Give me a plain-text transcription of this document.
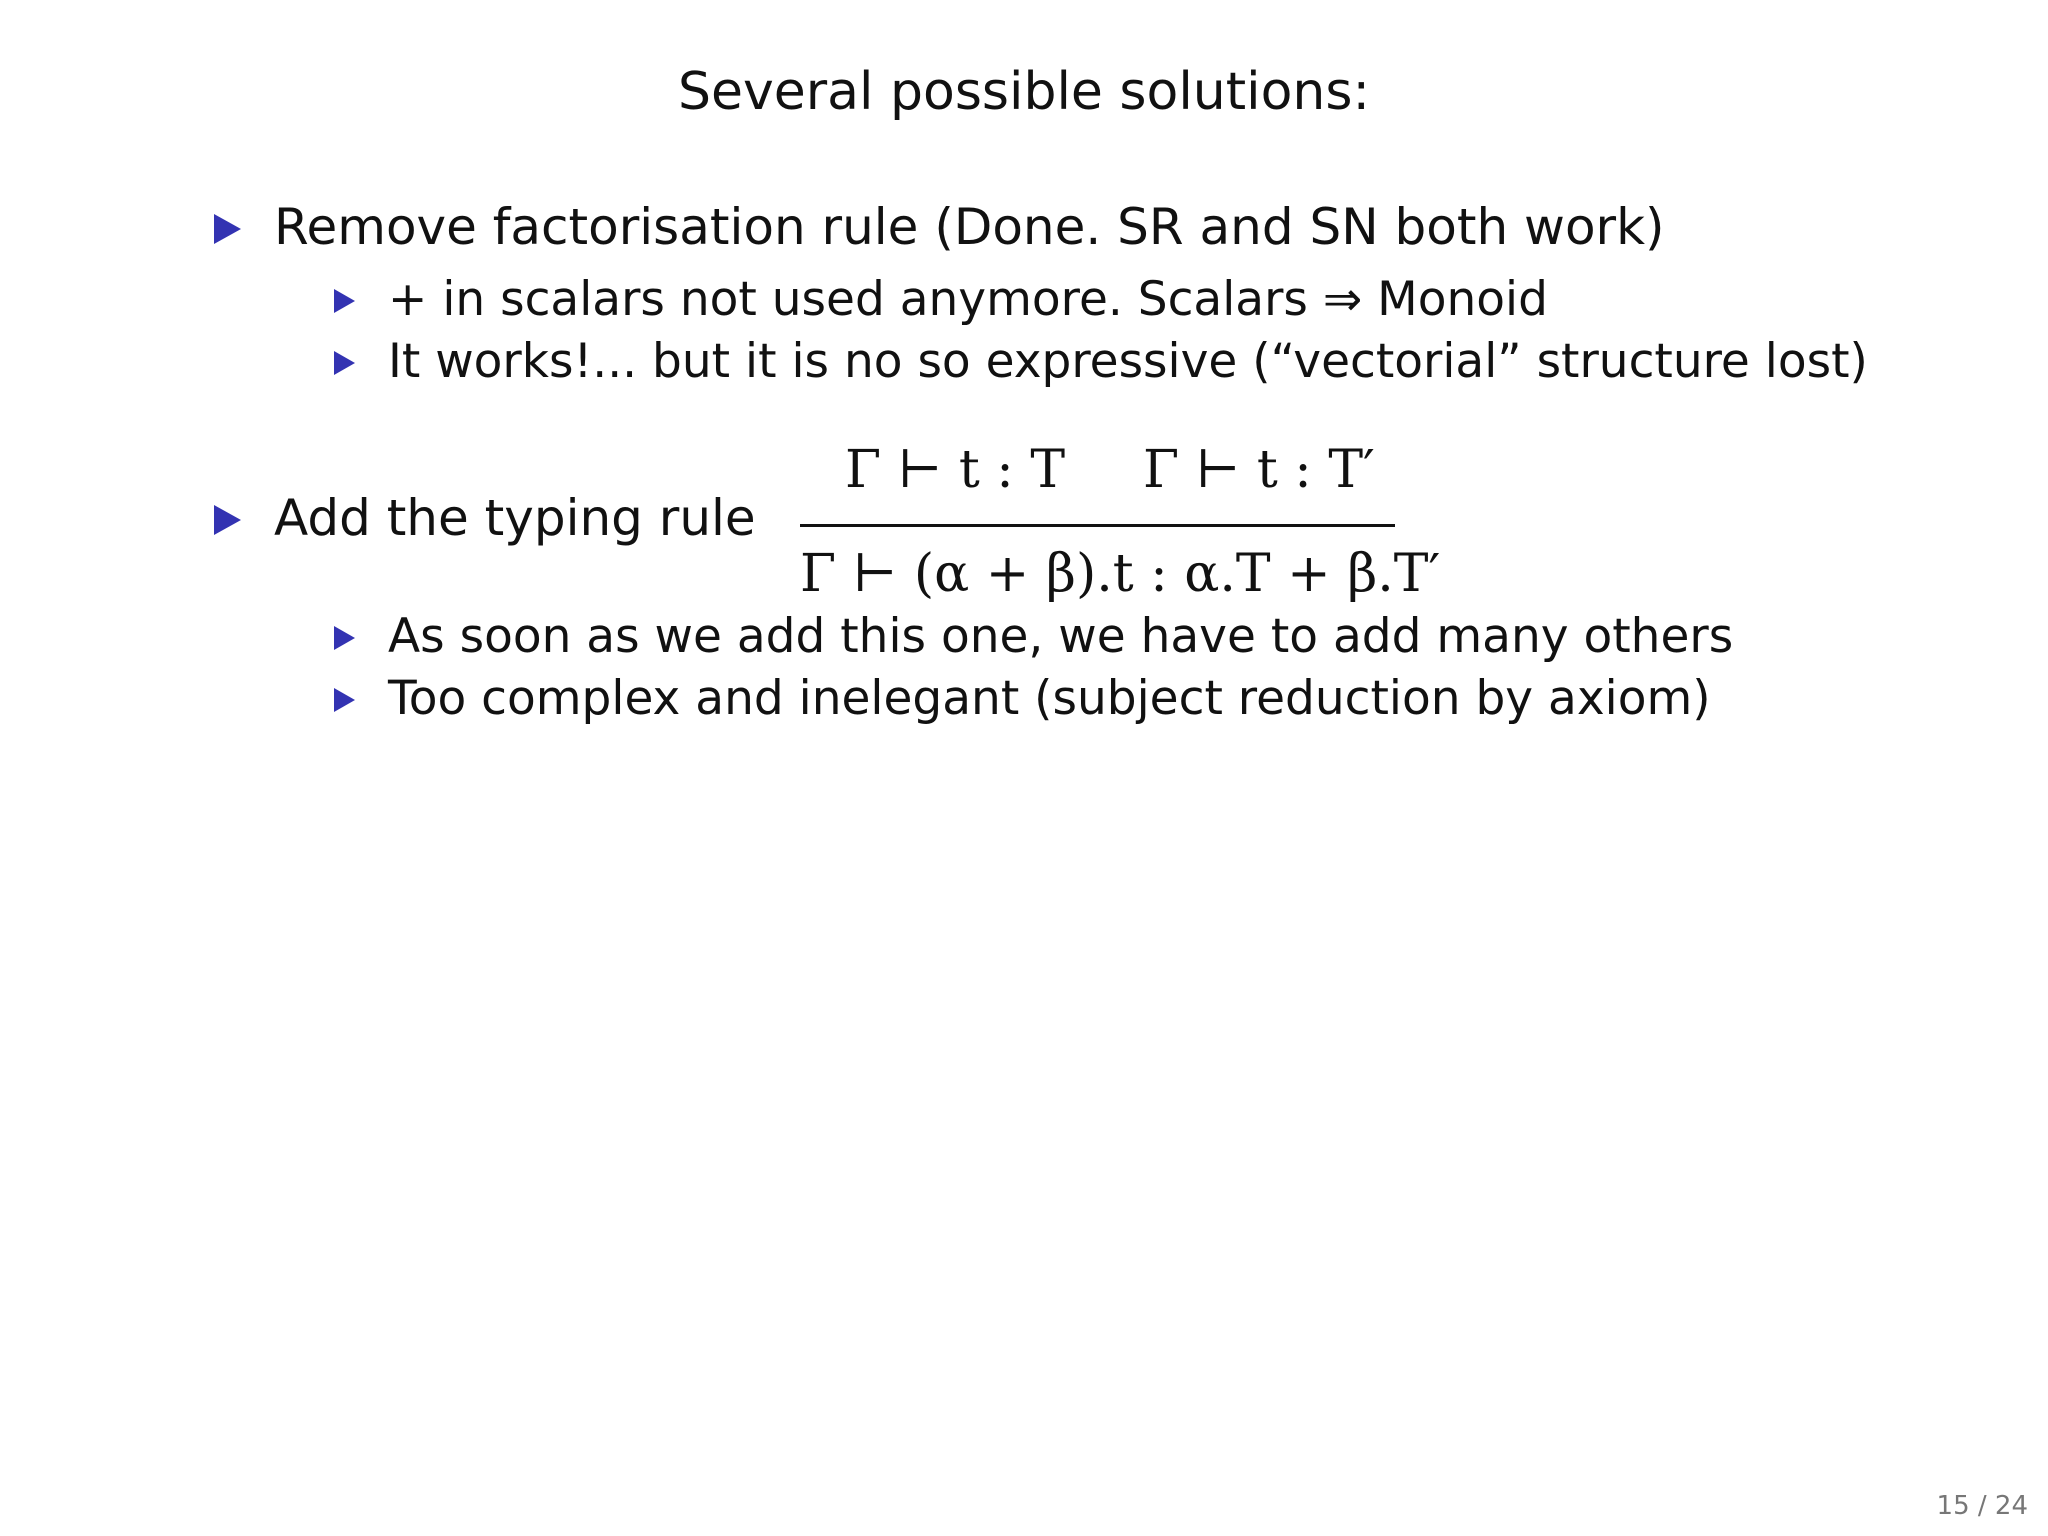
Several possible solutions:
Remove factorisation rule (Done. SR and SN both work)
+ in scalars not used anymore. Scalars ⇒ Monoid
It works!... but it is no so expressive (“vectorial” structure lost)
Add the typing rule
Γ ⊢ t : T Γ ⊢ t : T′
Γ ⊢ (α + β).t : α.T + β.T′
As soon as we add this one, we have to add many others
Too complex and inelegant (subject reduction by axiom)
15 / 24
